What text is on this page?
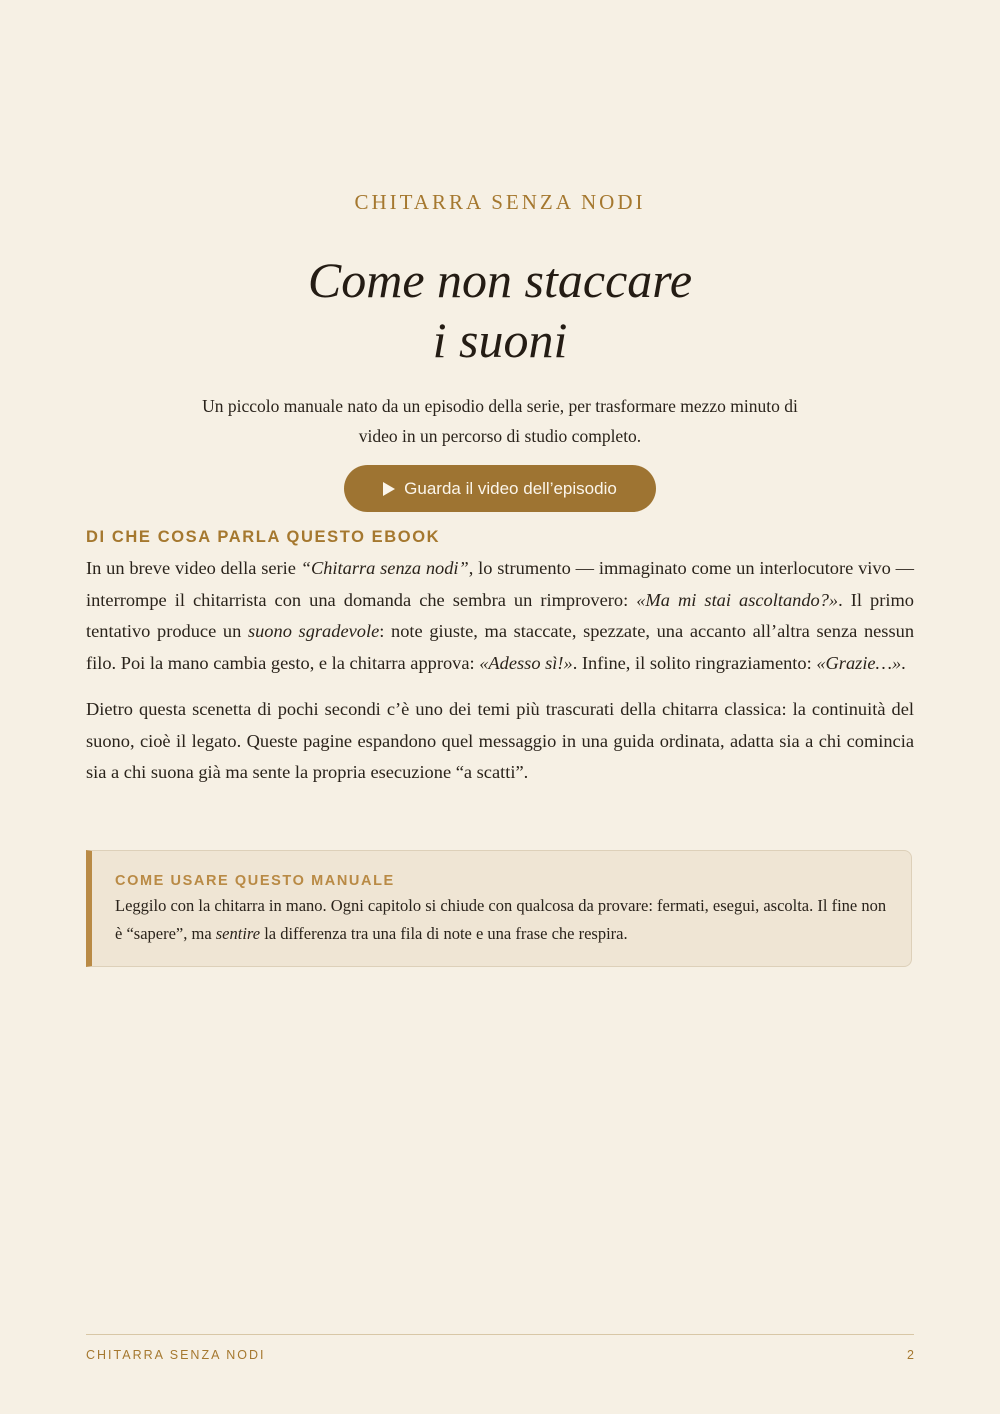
CHITARRA SENZA NODI
Come non staccare
i suoni
Un piccolo manuale nato da un episodio della serie, per trasformare mezzo minuto di video in un percorso di studio completo.
Guarda il video dell’episodio
DI CHE COSA PARLA QUESTO EBOOK

In un breve video della serie “Chitarra senza nodi”, lo strumento — immaginato come un interlocutore vivo — interrompe il chitarrista con una domanda che sembra un rimprovero: «Ma mi stai ascoltando?». Il primo tentativo produce un suono sgradevole: note giuste, ma staccate, spezzate, una accanto all’altra senza nessun filo. Poi la mano cambia gesto, e la chitarra approva: «Adesso sì!». Infine, il solito ringraziamento: «Grazie…».

Dietro questa scenetta di pochi secondi c’è uno dei temi più trascurati della chitarra classica: la continuità del suono, cioè il legato. Queste pagine espandono quel messaggio in una guida ordinata, adatta sia a chi comincia sia a chi suona già ma sente la propria esecuzione “a scatti”.

COME USARE QUESTO MANUALE

Leggilo con la chitarra in mano. Ogni capitolo si chiude con qualcosa da provare: fermati, esegui, ascolta. Il fine non è “sapere”, ma sentire la differenza tra una fila di note e una frase che respira.

CHITARRA SENZA NODI	2
